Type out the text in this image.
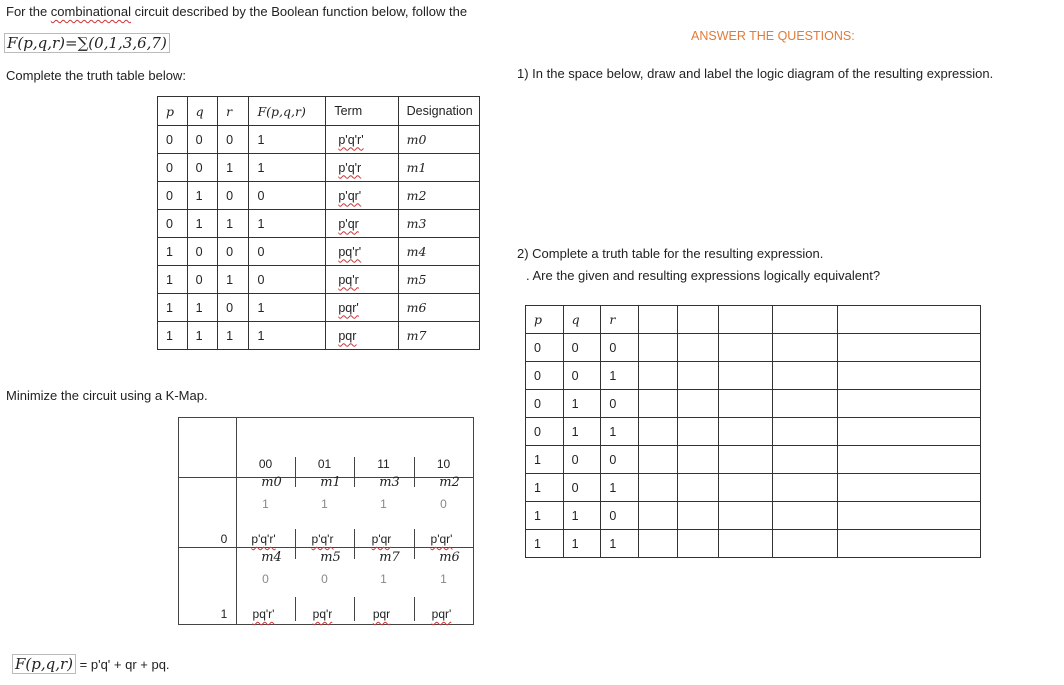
For the combinational circuit described by the Boolean function below, follow the
F(p,q,r)=∑(0,1,3,6,7)
Complete the truth table below:
p	q	r	F(p,q,r)	Term	Designation
0	0	0	1	p'q'r'	m0
0	0	1	1	p'q'r	m1
0	1	0	0	p'qr'	m2
0	1	1	1	p'qr	m3
1	0	0	0	pq'r'	m4
1	0	1	0	pq'r	m5
1	1	0	1	pqr'	m6
1	1	1	1	pqr	m7
Minimize the circuit using a K-Map.
00	01	11	10
m0	m1	m3	m2
1	1	1	0
p'q'r'	p'q'r	p'qr	p'qr'
m4	m5	m7	m6
0	0	1	1
pq'r'	pq'r	pqr	pqr'
0
1
F(p,q,r) = p'q' + qr + pq.
ANSWER THE QUESTIONS:
1) In the space below, draw and label the logic diagram of the resulting expression.
2) Complete a truth table for the resulting expression.
. Are the given and resulting expressions logically equivalent?
p	q	r					
0	0	0					
0	0	1					
0	1	0					
0	1	1					
1	0	0					
1	0	1					
1	1	0					
1	1	1					
